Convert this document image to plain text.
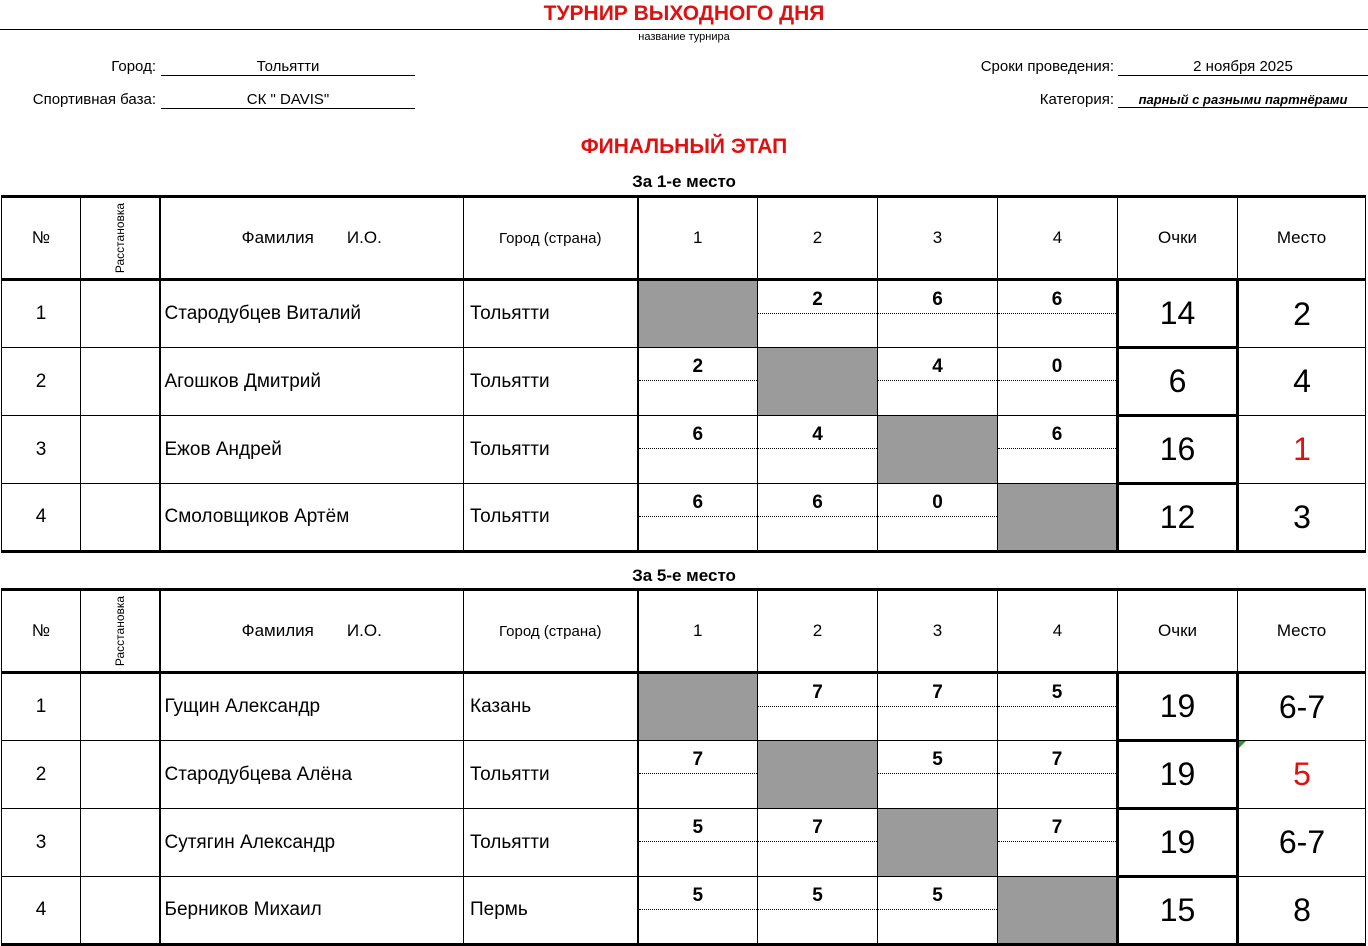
ТУРНИР ВЫХОДНОГО ДНЯ
название турнира
Город:	Тольятти
Спортивная база:	СК " DAVIS"
Сроки проведения:	2 ноября 2025
Категория:	парный с разными партнёрами
ФИНАЛЬНЫЙ ЭТАП
За 1-е место
№	Расстановка	Фамилия И.О.	Город (страна)	1	2	3	4	Очки	Место
1		Стародубцев Виталий	Тольятти		2	6	6	14	2
2		Агошков Дмитрий	Тольятти	2		4	0	6	4
3		Ежов Андрей	Тольятти	6	4		6	16	1
4		Смоловщиков Артём	Тольятти	6	6	0		12	3
За 5-е место
№	Расстановка	Фамилия И.О.	Город (страна)	1	2	3	4	Очки	Место
1		Гущин Александр	Казань		7	7	5	19	6-7
2		Стародубцева Алёна	Тольятти	7		5	7	19	5
3		Сутягин Александр	Тольятти	5	7		7	19	6-7
4		Берников Михаил	Пермь	5	5	5		15	8
